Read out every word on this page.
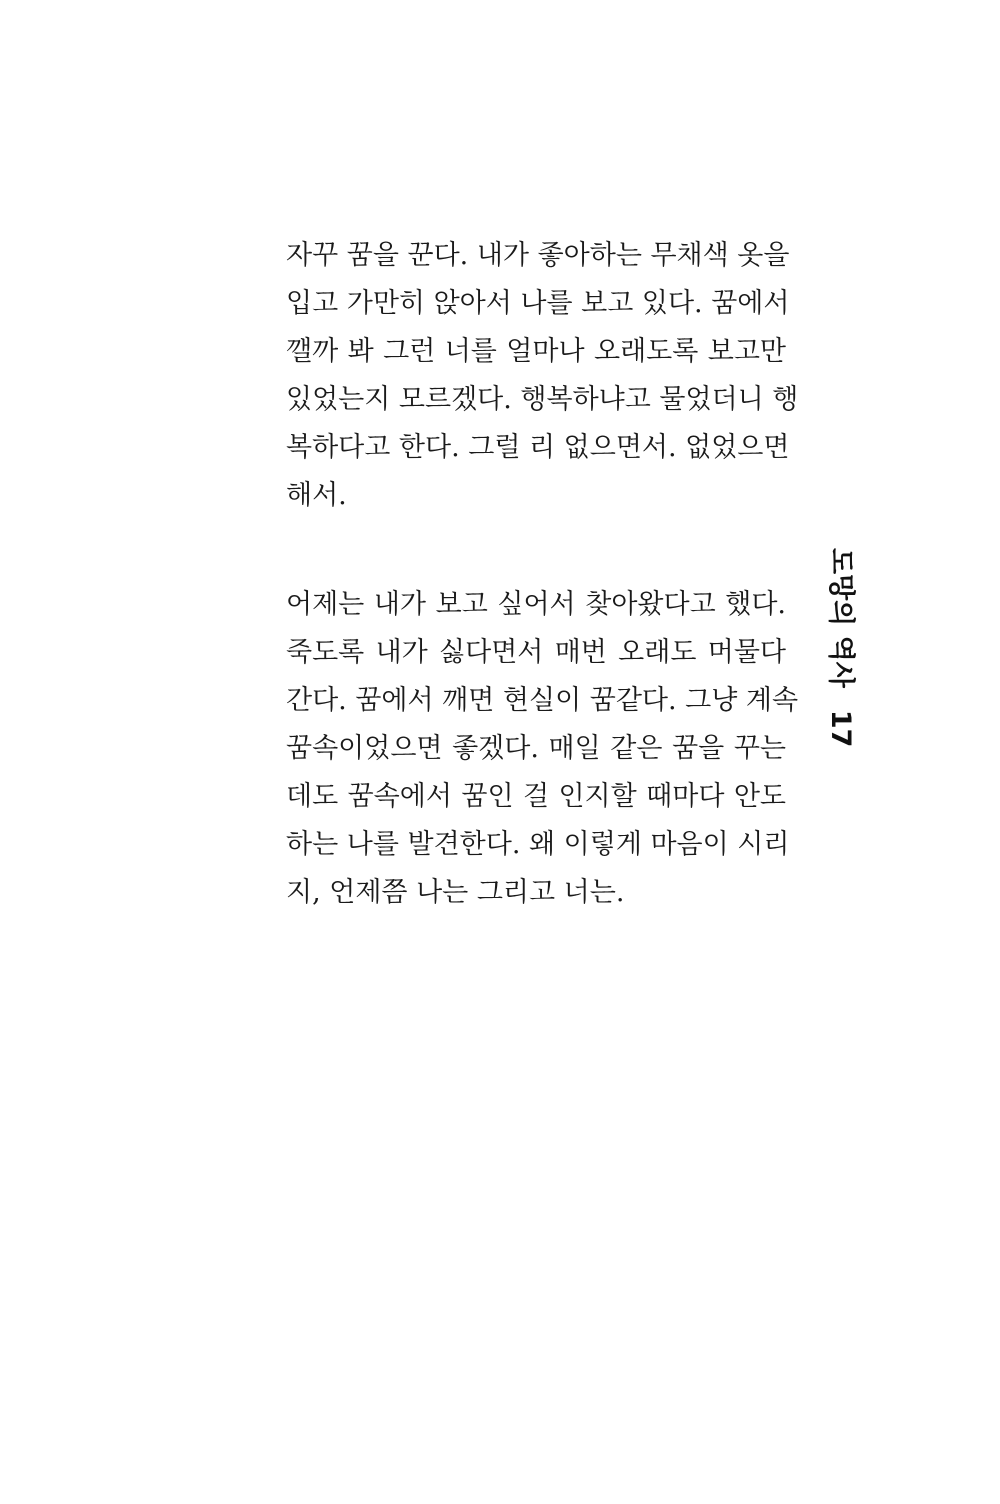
자꾸 꿈을 꾼다. 내가 좋아하는 무채색 옷을
입고 가만히 앉아서 나를 보고 있다. 꿈에서
깰까 봐 그런 너를 얼마나 오래도록 보고만
있었는지 모르겠다. 행복하냐고 물었더니 행
복하다고 한다. 그럴 리 없으면서. 없었으면
해서.
어제는 내가 보고 싶어서 찾아왔다고 했다.
죽도록 내가 싫다면서 매번 오래도 머물다
간다. 꿈에서 깨면 현실이 꿈같다. 그냥 계속
꿈속이었으면 좋겠다. 매일 같은 꿈을 꾸는
데도 꿈속에서 꿈인 걸 인지할 때마다 안도
하는 나를 발견한다. 왜 이렇게 마음이 시리
지, 언제쯤 나는 그리고 너는.
도망의 역사17
